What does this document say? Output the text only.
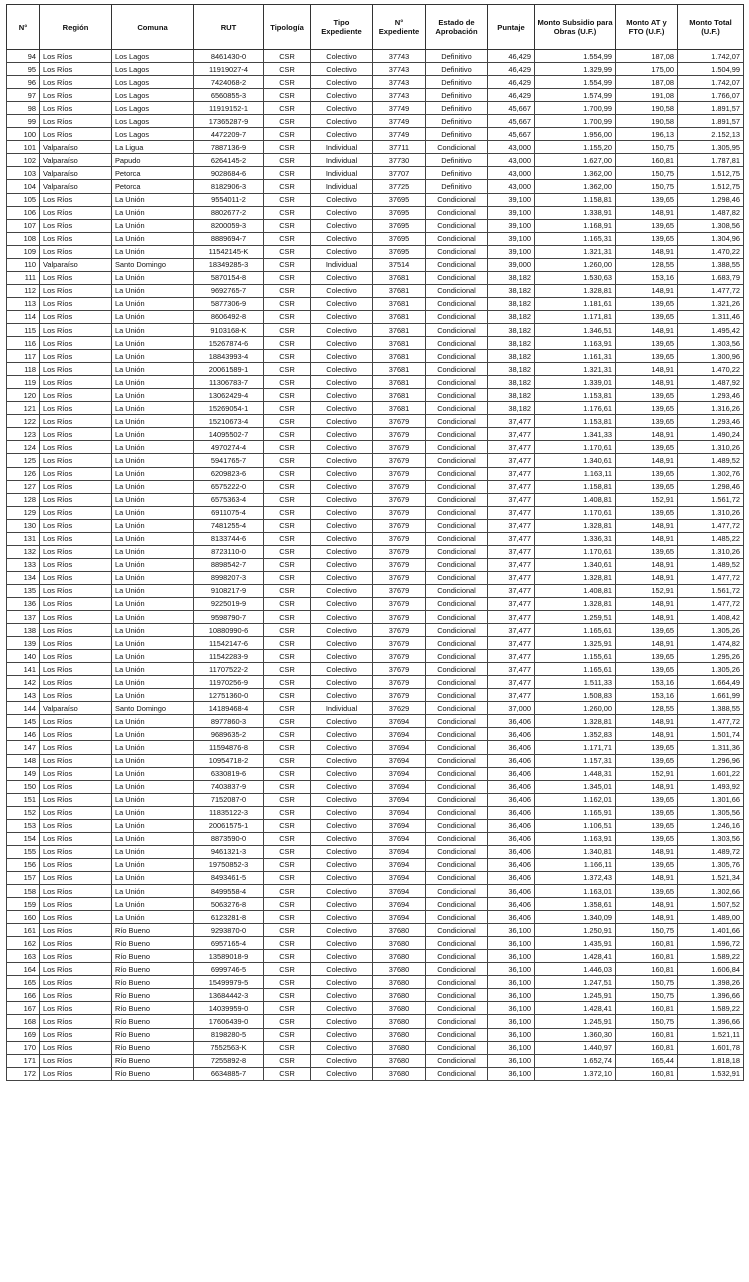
N°	Región	Comuna	RUT	Tipología	Tipo Expediente	N° Expediente	Estado de Aprobación	Puntaje	Monto Subsidio para Obras (U.F.)	Monto AT y FTO (U.F.)	Monto Total (U.F.)
94	Los Ríos	Los Lagos	8461430-0	CSR	Colectivo	37743	Definitivo	46,429	1.554,99	187,08	1.742,07
95	Los Ríos	Los Lagos	11919027-4	CSR	Colectivo	37743	Definitivo	46,429	1.329,99	175,00	1.504,99
96	Los Ríos	Los Lagos	7424068-2	CSR	Colectivo	37743	Definitivo	46,429	1.554,99	187,08	1.742,07
97	Los Ríos	Los Lagos	6560855-3	CSR	Colectivo	37743	Definitivo	46,429	1.574,99	191,08	1.766,07
98	Los Ríos	Los Lagos	11919152-1	CSR	Colectivo	37749	Definitivo	45,667	1.700,99	190,58	1.891,57
99	Los Ríos	Los Lagos	17365287-9	CSR	Colectivo	37749	Definitivo	45,667	1.700,99	190,58	1.891,57
100	Los Ríos	Los Lagos	4472209-7	CSR	Colectivo	37749	Definitivo	45,667	1.956,00	196,13	2.152,13
101	Valparaíso	La Ligua	7887136-9	CSR	Individual	37711	Condicional	43,000	1.155,20	150,75	1.305,95
102	Valparaíso	Papudo	6264145-2	CSR	Individual	37730	Definitivo	43,000	1.627,00	160,81	1.787,81
103	Valparaíso	Petorca	9028684-6	CSR	Individual	37707	Definitivo	43,000	1.362,00	150,75	1.512,75
104	Valparaíso	Petorca	8182906-3	CSR	Individual	37725	Definitivo	43,000	1.362,00	150,75	1.512,75
105	Los Ríos	La Unión	9554011-2	CSR	Colectivo	37695	Condicional	39,100	1.158,81	139,65	1.298,46
106	Los Ríos	La Unión	8802677-2	CSR	Colectivo	37695	Condicional	39,100	1.338,91	148,91	1.487,82
107	Los Ríos	La Unión	8200059-3	CSR	Colectivo	37695	Condicional	39,100	1.168,91	139,65	1.308,56
108	Los Ríos	La Unión	8889694-7	CSR	Colectivo	37695	Condicional	39,100	1.165,31	139,65	1.304,96
109	Los Ríos	La Unión	11542145-K	CSR	Colectivo	37695	Condicional	39,100	1.321,31	148,91	1.470,22
110	Valparaíso	Santo Domingo	18349285-3	CSR	Individual	37514	Condicional	39,000	1.260,00	128,55	1.388,55
111	Los Ríos	La Unión	5870154-8	CSR	Colectivo	37681	Condicional	38,182	1.530,63	153,16	1.683,79
112	Los Ríos	La Unión	9692765-7	CSR	Colectivo	37681	Condicional	38,182	1.328,81	148,91	1.477,72
113	Los Ríos	La Unión	5877306-9	CSR	Colectivo	37681	Condicional	38,182	1.181,61	139,65	1.321,26
114	Los Ríos	La Unión	8606492-8	CSR	Colectivo	37681	Condicional	38,182	1.171,81	139,65	1.311,46
115	Los Ríos	La Unión	9103168-K	CSR	Colectivo	37681	Condicional	38,182	1.346,51	148,91	1.495,42
116	Los Ríos	La Unión	15267874-6	CSR	Colectivo	37681	Condicional	38,182	1.163,91	139,65	1.303,56
117	Los Ríos	La Unión	18843993-4	CSR	Colectivo	37681	Condicional	38,182	1.161,31	139,65	1.300,96
118	Los Ríos	La Unión	20061589-1	CSR	Colectivo	37681	Condicional	38,182	1.321,31	148,91	1.470,22
119	Los Ríos	La Unión	11306783-7	CSR	Colectivo	37681	Condicional	38,182	1.339,01	148,91	1.487,92
120	Los Ríos	La Unión	13062429-4	CSR	Colectivo	37681	Condicional	38,182	1.153,81	139,65	1.293,46
121	Los Ríos	La Unión	15269054-1	CSR	Colectivo	37681	Condicional	38,182	1.176,61	139,65	1.316,26
122	Los Ríos	La Unión	15210673-4	CSR	Colectivo	37679	Condicional	37,477	1.153,81	139,65	1.293,46
123	Los Ríos	La Unión	14095502-7	CSR	Colectivo	37679	Condicional	37,477	1.341,33	148,91	1.490,24
124	Los Ríos	La Unión	4970274-4	CSR	Colectivo	37679	Condicional	37,477	1.170,61	139,65	1.310,26
125	Los Ríos	La Unión	5941765-7	CSR	Colectivo	37679	Condicional	37,477	1.340,61	148,91	1.489,52
126	Los Ríos	La Unión	6209823-6	CSR	Colectivo	37679	Condicional	37,477	1.163,11	139,65	1.302,76
127	Los Ríos	La Unión	6575222-0	CSR	Colectivo	37679	Condicional	37,477	1.158,81	139,65	1.298,46
128	Los Ríos	La Unión	6575363-4	CSR	Colectivo	37679	Condicional	37,477	1.408,81	152,91	1.561,72
129	Los Ríos	La Unión	6911075-4	CSR	Colectivo	37679	Condicional	37,477	1.170,61	139,65	1.310,26
130	Los Ríos	La Unión	7481255-4	CSR	Colectivo	37679	Condicional	37,477	1.328,81	148,91	1.477,72
131	Los Ríos	La Unión	8133744-6	CSR	Colectivo	37679	Condicional	37,477	1.336,31	148,91	1.485,22
132	Los Ríos	La Unión	8723110-0	CSR	Colectivo	37679	Condicional	37,477	1.170,61	139,65	1.310,26
133	Los Ríos	La Unión	8898542-7	CSR	Colectivo	37679	Condicional	37,477	1.340,61	148,91	1.489,52
134	Los Ríos	La Unión	8998207-3	CSR	Colectivo	37679	Condicional	37,477	1.328,81	148,91	1.477,72
135	Los Ríos	La Unión	9108217-9	CSR	Colectivo	37679	Condicional	37,477	1.408,81	152,91	1.561,72
136	Los Ríos	La Unión	9225019-9	CSR	Colectivo	37679	Condicional	37,477	1.328,81	148,91	1.477,72
137	Los Ríos	La Unión	9598790-7	CSR	Colectivo	37679	Condicional	37,477	1.259,51	148,91	1.408,42
138	Los Ríos	La Unión	10880990-6	CSR	Colectivo	37679	Condicional	37,477	1.165,61	139,65	1.305,26
139	Los Ríos	La Unión	11542147-6	CSR	Colectivo	37679	Condicional	37,477	1.325,91	148,91	1.474,82
140	Los Ríos	La Unión	11542283-9	CSR	Colectivo	37679	Condicional	37,477	1.155,61	139,65	1.295,26
141	Los Ríos	La Unión	11707522-2	CSR	Colectivo	37679	Condicional	37,477	1.165,61	139,65	1.305,26
142	Los Ríos	La Unión	11970256-9	CSR	Colectivo	37679	Condicional	37,477	1.511,33	153,16	1.664,49
143	Los Ríos	La Unión	12751360-0	CSR	Colectivo	37679	Condicional	37,477	1.508,83	153,16	1.661,99
144	Valparaíso	Santo Domingo	14189468-4	CSR	Individual	37629	Condicional	37,000	1.260,00	128,55	1.388,55
145	Los Ríos	La Unión	8977860-3	CSR	Colectivo	37694	Condicional	36,406	1.328,81	148,91	1.477,72
146	Los Ríos	La Unión	9689635-2	CSR	Colectivo	37694	Condicional	36,406	1.352,83	148,91	1.501,74
147	Los Ríos	La Unión	11594876-8	CSR	Colectivo	37694	Condicional	36,406	1.171,71	139,65	1.311,36
148	Los Ríos	La Unión	10954718-2	CSR	Colectivo	37694	Condicional	36,406	1.157,31	139,65	1.296,96
149	Los Ríos	La Unión	6330819-6	CSR	Colectivo	37694	Condicional	36,406	1.448,31	152,91	1.601,22
150	Los Ríos	La Unión	7403837-9	CSR	Colectivo	37694	Condicional	36,406	1.345,01	148,91	1.493,92
151	Los Ríos	La Unión	7152087-0	CSR	Colectivo	37694	Condicional	36,406	1.162,01	139,65	1.301,66
152	Los Ríos	La Unión	11835122-3	CSR	Colectivo	37694	Condicional	36,406	1.165,91	139,65	1.305,56
153	Los Ríos	La Unión	20061575-1	CSR	Colectivo	37694	Condicional	36,406	1.106,51	139,65	1.246,16
154	Los Ríos	La Unión	8873590-0	CSR	Colectivo	37694	Condicional	36,406	1.163,91	139,65	1.303,56
155	Los Ríos	La Unión	9461321-3	CSR	Colectivo	37694	Condicional	36,406	1.340,81	148,91	1.489,72
156	Los Ríos	La Unión	19750852-3	CSR	Colectivo	37694	Condicional	36,406	1.166,11	139,65	1.305,76
157	Los Ríos	La Unión	8493461-5	CSR	Colectivo	37694	Condicional	36,406	1.372,43	148,91	1.521,34
158	Los Ríos	La Unión	8499558-4	CSR	Colectivo	37694	Condicional	36,406	1.163,01	139,65	1.302,66
159	Los Ríos	La Unión	5063276-8	CSR	Colectivo	37694	Condicional	36,406	1.358,61	148,91	1.507,52
160	Los Ríos	La Unión	6123281-8	CSR	Colectivo	37694	Condicional	36,406	1.340,09	148,91	1.489,00
161	Los Ríos	Río Bueno	9293870-0	CSR	Colectivo	37680	Condicional	36,100	1.250,91	150,75	1.401,66
162	Los Ríos	Río Bueno	6957165-4	CSR	Colectivo	37680	Condicional	36,100	1.435,91	160,81	1.596,72
163	Los Ríos	Río Bueno	13589018-9	CSR	Colectivo	37680	Condicional	36,100	1.428,41	160,81	1.589,22
164	Los Ríos	Río Bueno	6999746-5	CSR	Colectivo	37680	Condicional	36,100	1.446,03	160,81	1.606,84
165	Los Ríos	Río Bueno	15499979-5	CSR	Colectivo	37680	Condicional	36,100	1.247,51	150,75	1.398,26
166	Los Ríos	Río Bueno	13684442-3	CSR	Colectivo	37680	Condicional	36,100	1.245,91	150,75	1.396,66
167	Los Ríos	Río Bueno	14039959-0	CSR	Colectivo	37680	Condicional	36,100	1.428,41	160,81	1.589,22
168	Los Ríos	Río Bueno	17606439-0	CSR	Colectivo	37680	Condicional	36,100	1.245,91	150,75	1.396,66
169	Los Ríos	Río Bueno	8198280-5	CSR	Colectivo	37680	Condicional	36,100	1.360,30	160,81	1.521,11
170	Los Ríos	Río Bueno	7552563-K	CSR	Colectivo	37680	Condicional	36,100	1.440,97	160,81	1.601,78
171	Los Ríos	Río Bueno	7255892-8	CSR	Colectivo	37680	Condicional	36,100	1.652,74	165,44	1.818,18
172	Los Ríos	Río Bueno	6634885-7	CSR	Colectivo	37680	Condicional	36,100	1.372,10	160,81	1.532,91
